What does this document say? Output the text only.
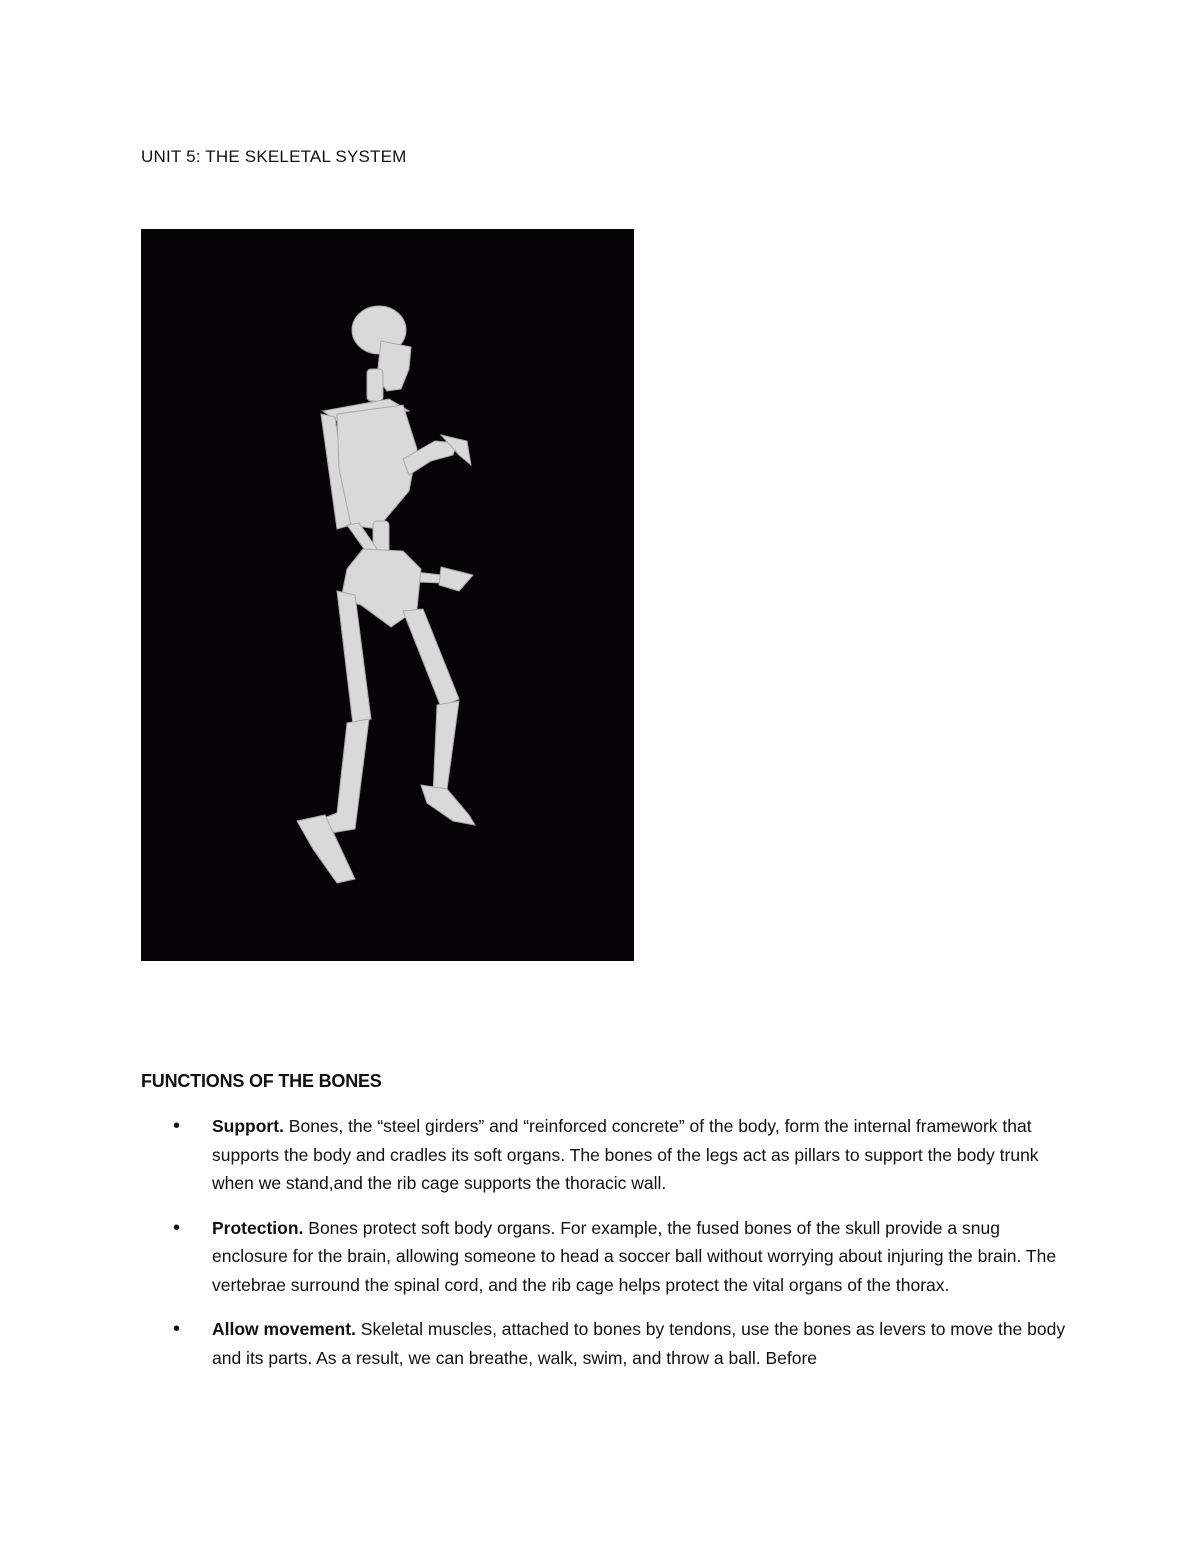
UNIT 5: THE SKELETAL SYSTEM
FUNCTIONS OF THE BONES
• Support. Bones, the “steel girders” and “reinforced concrete” of the body, form the internal framework that supports the body and cradles its soft organs. The bones of the legs act as pillars to support the body trunk when we stand,and the rib cage supports the thoracic wall.
• Protection. Bones protect soft body organs. For example, the fused bones of the skull provide a snug enclosure for the brain, allowing someone to head a soccer ball without worrying about injuring the brain. The vertebrae surround the spinal cord, and the rib cage helps protect the vital organs of the thorax.
• Allow movement. Skeletal muscles, attached to bones by tendons, use the bones as levers to move the body and its parts. As a result, we can breathe, walk, swim, and throw a ball. Before
